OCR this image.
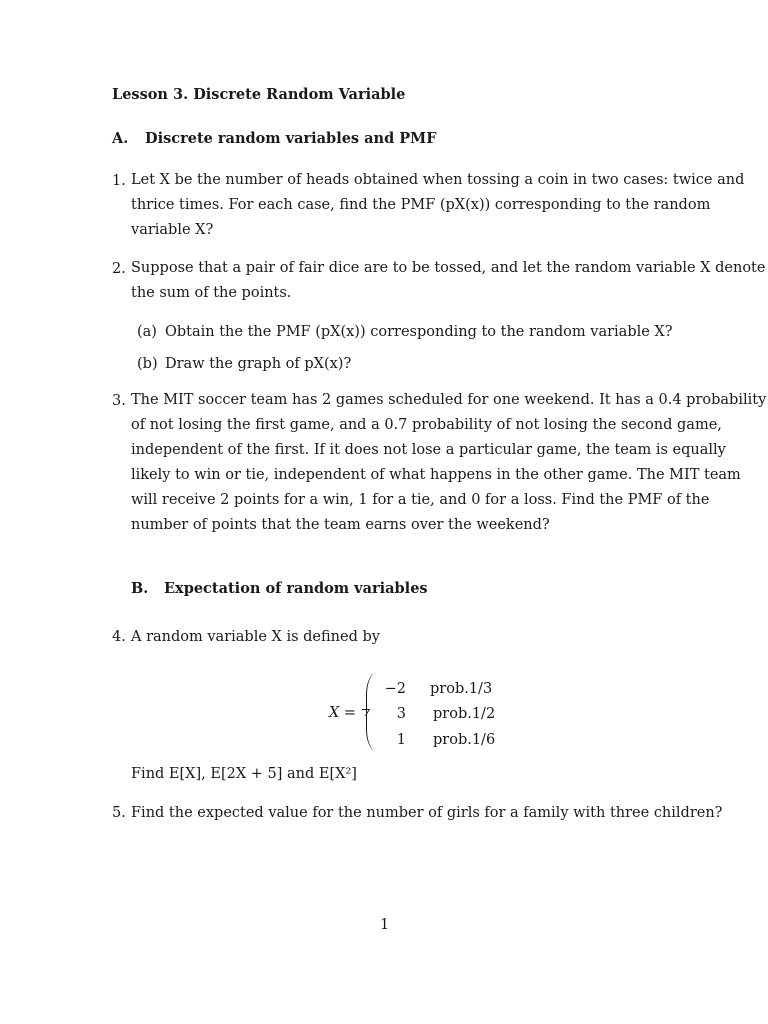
Lesson 3. Discrete Random Variable
A. Discrete random variables and PMF
1. Let X be the number of heads obtained when tossing a coin in two cases: twice and
thrice times. For each case, find the PMF (pX(x)) corresponding to the random
variable X?
2. Suppose that a pair of fair dice are to be tossed, and let the random variable X denote
the sum of the points.
(a) Obtain the the PMF (pX(x)) corresponding to the random variable X?
(b) Draw the graph of pX(x)?
3. The MIT soccer team has 2 games scheduled for one weekend. It has a 0.4 probability
of not losing the first game, and a 0.7 probability of not losing the second game,
independent of the first. If it does not lose a particular game, the team is equally
likely to win or tie, independent of what happens in the other game. The MIT team
will receive 2 points for a win, 1 for a tie, and 0 for a loss. Find the PMF of the
number of points that the team earns over the weekend?
B. Expectation of random variables
4. A random variable X is defined by
X =
−2 prob.1/3
3 prob.1/2
1 prob.1/6
Find E[X], E[2X + 5] and E[X²]
5. Find the expected value for the number of girls for a family with three children?
1
